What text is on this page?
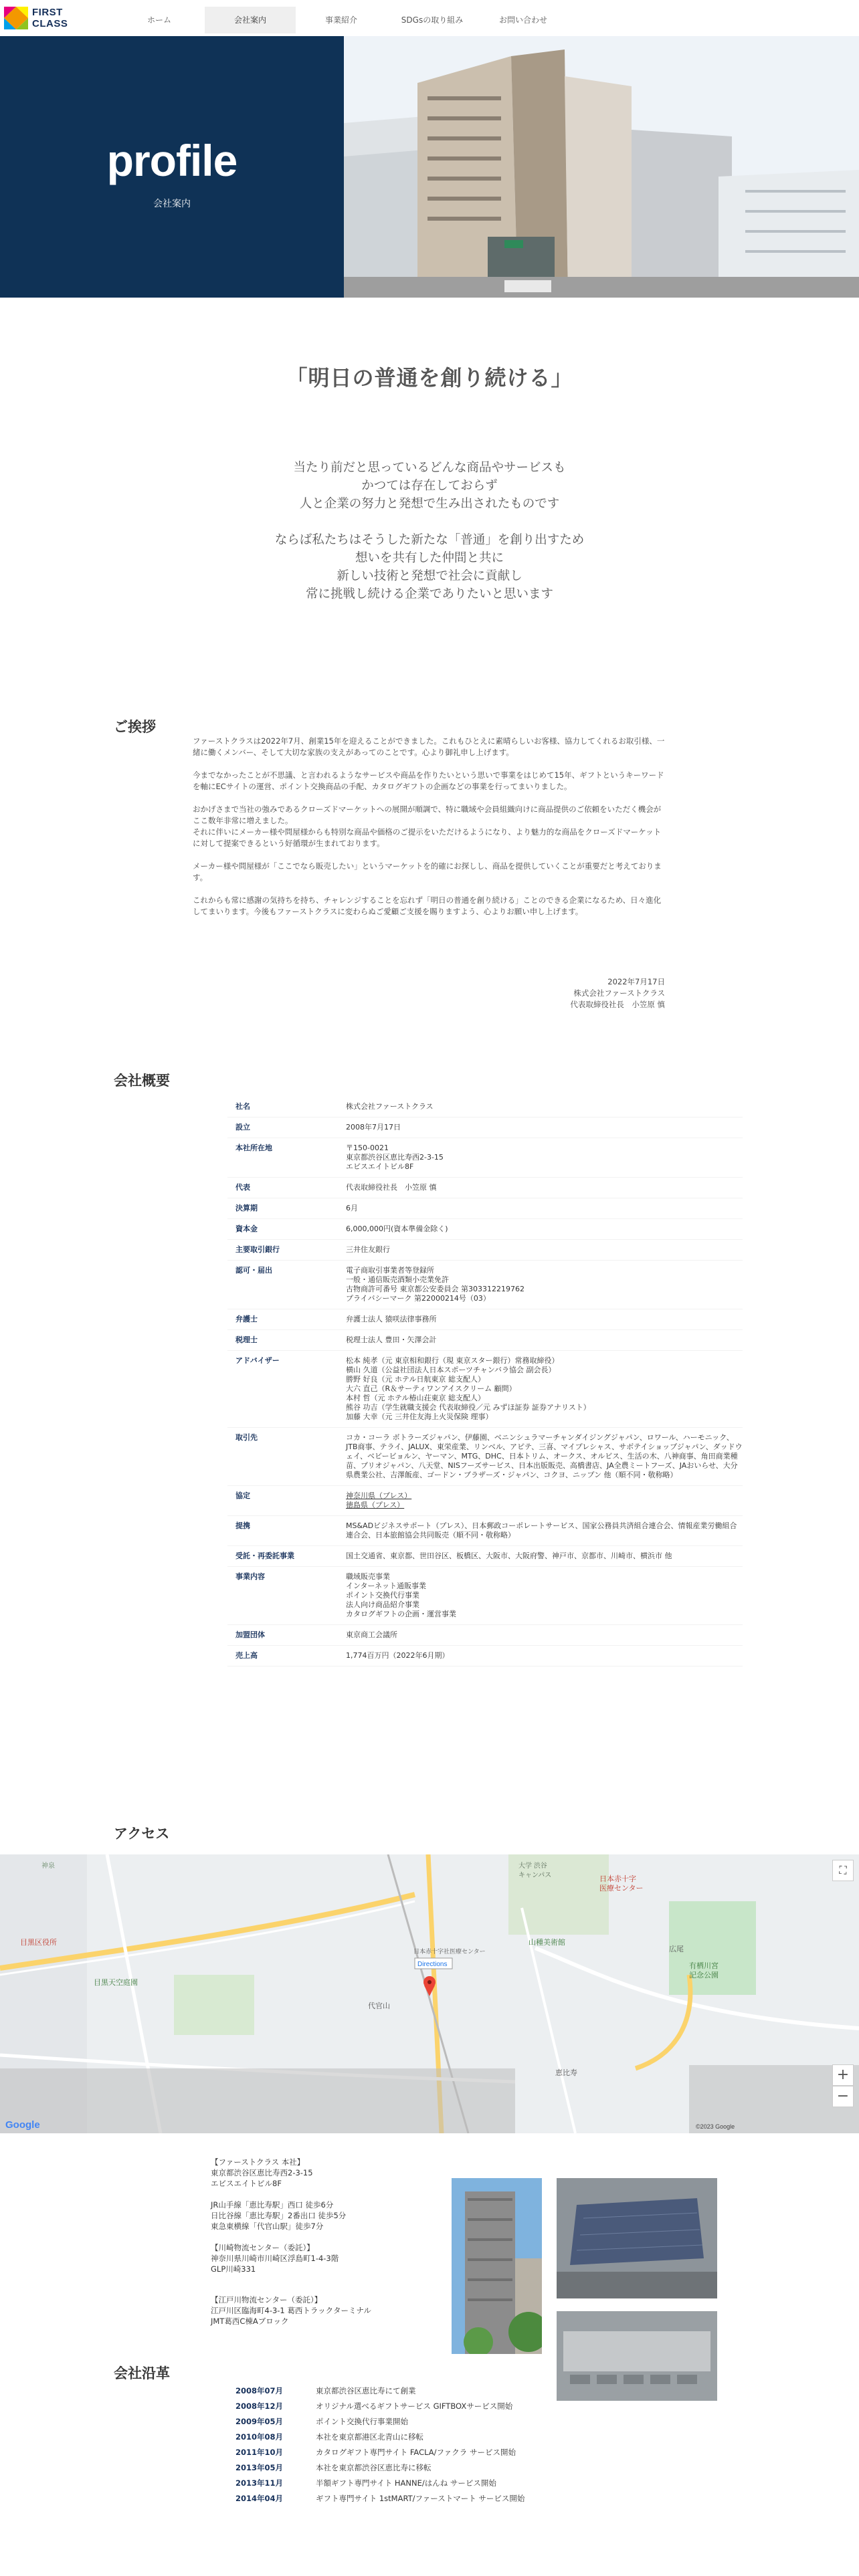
FIRST
CLASS	ホーム	会社案内	事業紹介	SDGsの取り組み	お問い合わせ
profile
会社案内
「明日の普通を創り続ける」

当たり前だと思っているどんな商品やサービスも

かつては存在しておらず

人と企業の努力と発想で生み出されたものです

ならば私たちはそうした新たな「普通」を創り出すため

想いを共有した仲間と共に

新しい技術と発想で社会に貢献し

常に挑戦し続ける企業でありたいと思います

ご挨拶

ファーストクラスは2022年7月、創業15年を迎えることができました。これもひとえに素晴らしいお客様、協力してくれるお取引様、一緒に働くメンバー、そして大切な家族の支えがあってのことです。心より御礼申し上げます。

今までなかったことが不思議、と言われるようなサービスや商品を作りたいという思いで事業をはじめて15年、ギフトというキーワードを軸にECサイトの運営、ポイント交換商品の手配、カタログギフトの企画などの事業を行ってまいりました。

おかげさまで当社の強みであるクローズドマーケットへの展開が順調で、特に職域や会員組織向けに商品提供のご依頼をいただく機会がここ数年非常に増えました。
それに伴いにメーカー様や問屋様からも特別な商品や価格のご提示をいただけるようになり、より魅力的な商品をクローズドマーケットに対して提案できるという好循環が生まれております。

メーカー様や問屋様が「ここでなら販売したい」というマーケットを的確にお探しし、商品を提供していくことが重要だと考えております。

これからも常に感謝の気持ちを持ち、チャレンジすることを忘れず「明日の普通を創り続ける」ことのできる企業になるため、日々進化してまいります。今後もファーストクラスに変わらぬご愛顧ご支援を賜りますよう、心よりお願い申し上げます。

2022年7月17日
株式会社ファーストクラス
代表取締役社長　小笠原 慎
会社概要
社名	株式会社ファーストクラス
設立	2008年7月17日
本社所在地	〒150-0021
東京都渋谷区恵比寿西2-3-15
エビスエイトビル8F
代表	代表取締役社長　小笠原 慎
決算期	6月
資本金	6,000,000円(資本準備金除く)
主要取引銀行	三井住友銀行
認可・届出	電子商取引事業者等登録所
一般・通信販売酒類小売業免許
古物商許可番号 東京都公安委員会 第303312219762
プライバシーマーク 第22000214号（03）
弁護士	弁護士法人 猿咲法律事務所
税理士	税理士法人 豊田・矢澤会計
アドバイザー	松本 純孝（元 東京相和銀行（現 東京スター銀行）常務取締役）
横山 久道（公益社団法人日本スポーツチャンバラ協会 副会長）
勝野 好良（元 ホテル日航東京 総支配人）
大六 直己（R＆サーティワンアイスクリーム 顧問）
本村 哲（元 ホテル椿山荘東京 総支配人）
熊谷 功吉（学生就職支援会 代表取締役／元 みずほ証券 証券アナリスト）
加藤 大幸（元 三井住友海上火災保険 理事）
取引先	コカ・コーラ ボトラーズジャパン、伊藤園、ベニンシュラマーチャンダイジングジャパン、ロワール、ハーモニック、JTB商事、テライ、JALUX、東栄産業、リンベル、アピテ、三喜、マイプレシャス、サボテイショップジャパン、ダッドウェイ、ベビービョルン、ヤーマン、MTG、DHC、日本トリム、オークス、オルビス、生活の木、八神商事、角田商業種苗、プリオジャパン、八天堂、NISフーズサービス、日本出版販売、高橋書店、JA全農ミートフーズ、JAおいらせ、大分県農業公社、吉澤飯産、ゴードン・ブラザーズ・ジャパン、コクヨ、ニップン 他（順不同・敬称略）
協定	神奈川県（プレス）
徳島県（プレス）
提携	MS&ADビジネスサポート（プレス）、日本郵政コーポレートサービス、国家公務員共済組合連合会、情報産業労働組合連合会、日本旅館協会共同販売（順不同・敬称略）
受託・再委託事業	国土交通省、東京都、世田谷区、板橋区、大阪市、大阪府警、神戸市、京都市、川崎市、横浜市 他
事業内容	職域販売事業
インターネット通販事業
ポイント交換代行事業
法人向け商品紹介事業
カタログギフトの企画・運営事業
加盟団体	東京商工会議所
売上高	1,774百万円（2022年6月期）
アクセス
神泉	大学 渋谷
キャンパス	日本赤十字
医療センター
山種美術館
広尾
代官山
恵比寿
目黒天空庭園
有栖川宮
記念公園
目黒区役所
Directions
日本赤十字社医療センター
Google	©2023 Google
⛶
+
−
【ファーストクラス 本社】
東京都渋谷区恵比寿西2-3-15
エビスエイトビル8F
JR山手線「恵比寿駅」西口 徒歩6分
日比谷線「恵比寿駅」2番出口 徒歩5分
東急東横線「代官山駅」徒歩7分
【川崎物流センター（委託）】
神奈川県川崎市川崎区浮島町1-4-3階
GLP川崎331
【江戸川物流センター（委託）】
江戸川区臨海町4-3-1 葛西トラックターミナル
JMT葛西C棟Aブロック
会社沿革
2008年07月	東京都渋谷区恵比寿にて創業
2008年12月	オリジナル選べるギフトサービス GIFTBOXサービス開始
2009年05月	ポイント交換代行事業開始
2010年08月	本社を東京都港区北青山に移転
2011年10月	カタログギフト専門サイト FACLA/ファクラ サービス開始
2013年05月	本社を東京都渋谷区恵比寿に移転
2013年11月	半額ギフト専門サイト HANNE/はんね サービス開始
2014年04月	ギフト専門サイト 1stMART/ファーストマート サービス開始
